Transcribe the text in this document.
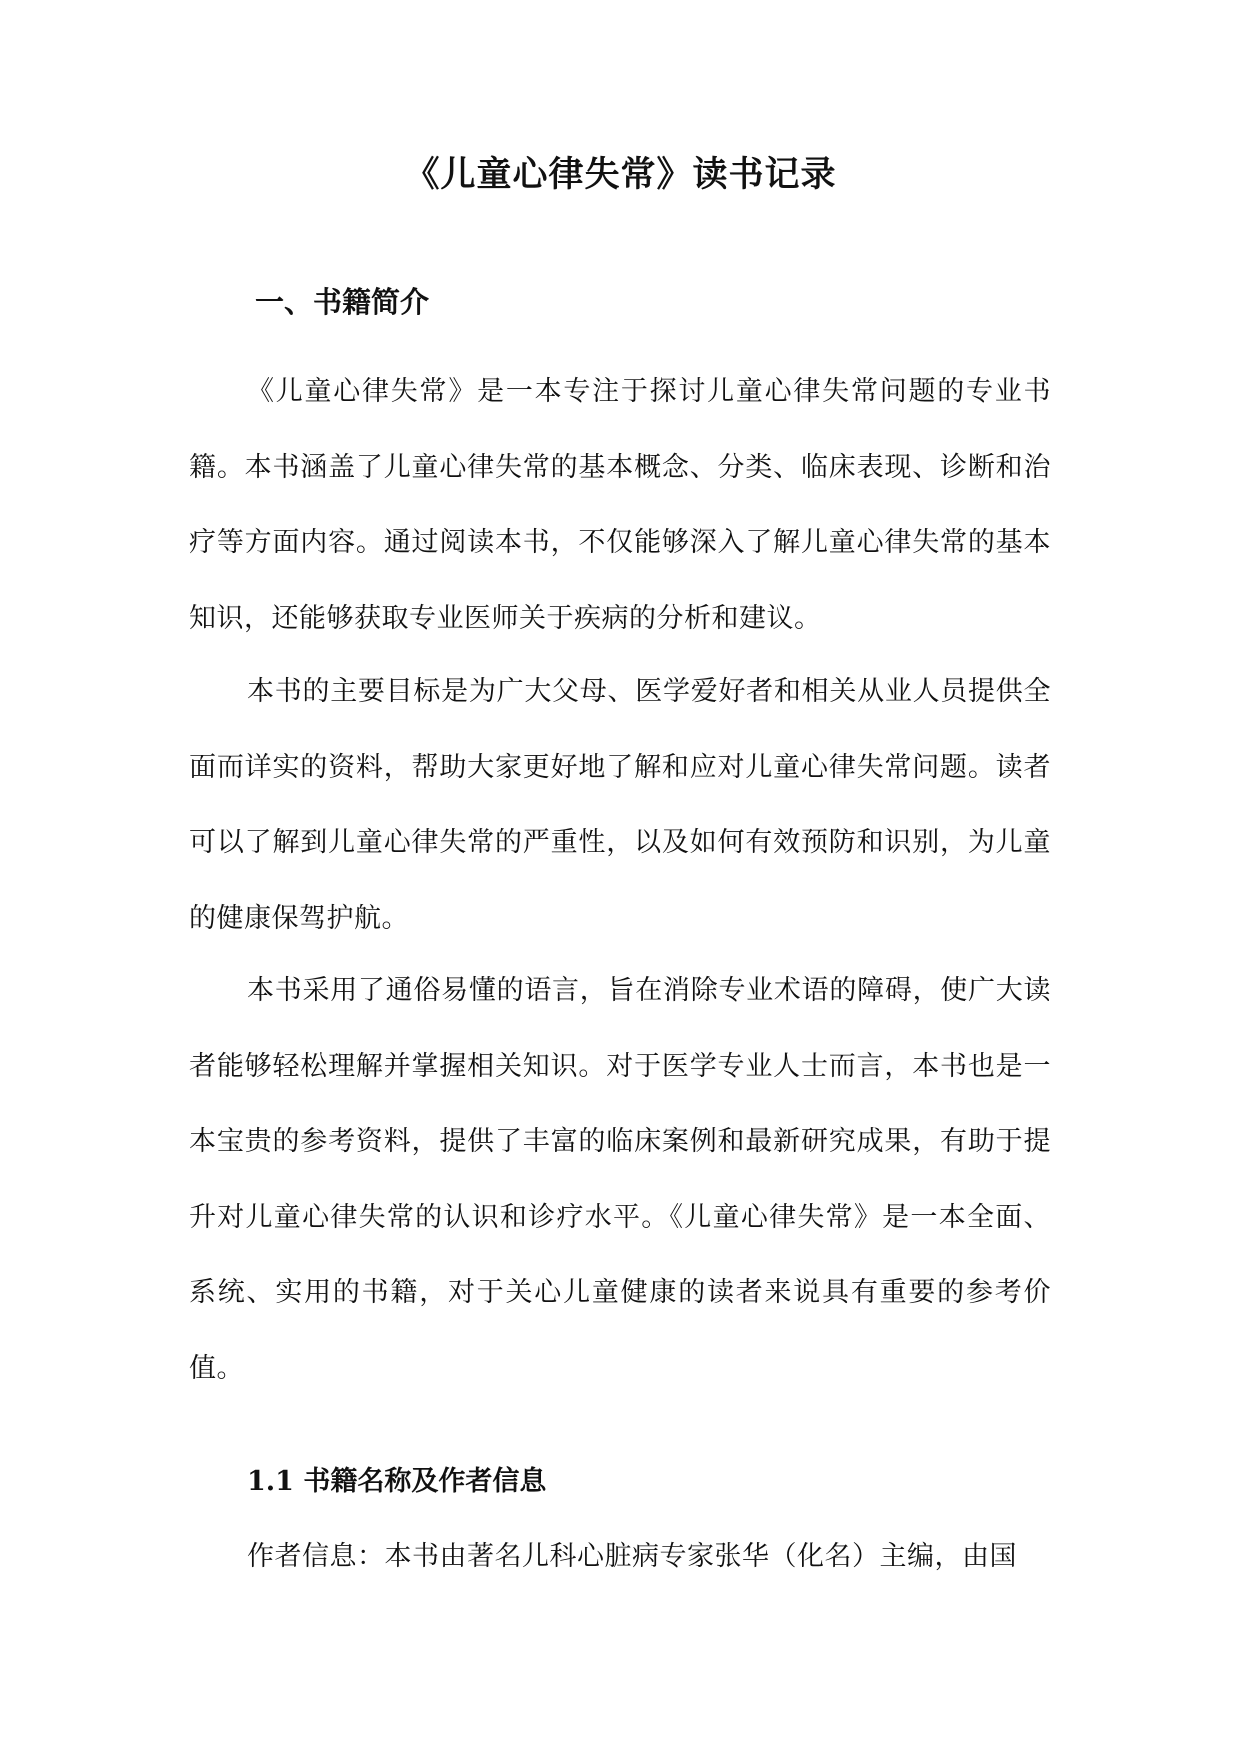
《儿童心律失常》读书记录
一、书籍简介

《儿童心律失常》是一本专注于探讨儿童心律失常问题的专业书籍。本书涵盖了儿童心律失常的基本概念、分类、临床表现、诊断和治疗等方面内容。通过阅读本书，不仅能够深入了解儿童心律失常的基本知识，还能够获取专业医师关于疾病的分析和建议。

本书的主要目标是为广大父母、医学爱好者和相关从业人员提供全面而详实的资料，帮助大家更好地了解和应对儿童心律失常问题。读者可以了解到儿童心律失常的严重性，以及如何有效预防和识别，为儿童的健康保驾护航。

本书采用了通俗易懂的语言，旨在消除专业术语的障碍，使广大读者能够轻松理解并掌握相关知识。对于医学专业人士而言，本书也是一本宝贵的参考资料，提供了丰富的临床案例和最新研究成果，有助于提升对儿童心律失常的认识和诊疗水平。《儿童心律失常》是一本全面、系统、实用的书籍，对于关心儿童健康的读者来说具有重要的参考价值。

1.1 书籍名称及作者信息

作者信息：本书由著名儿科心脏病专家张华（化名）主编，由国
